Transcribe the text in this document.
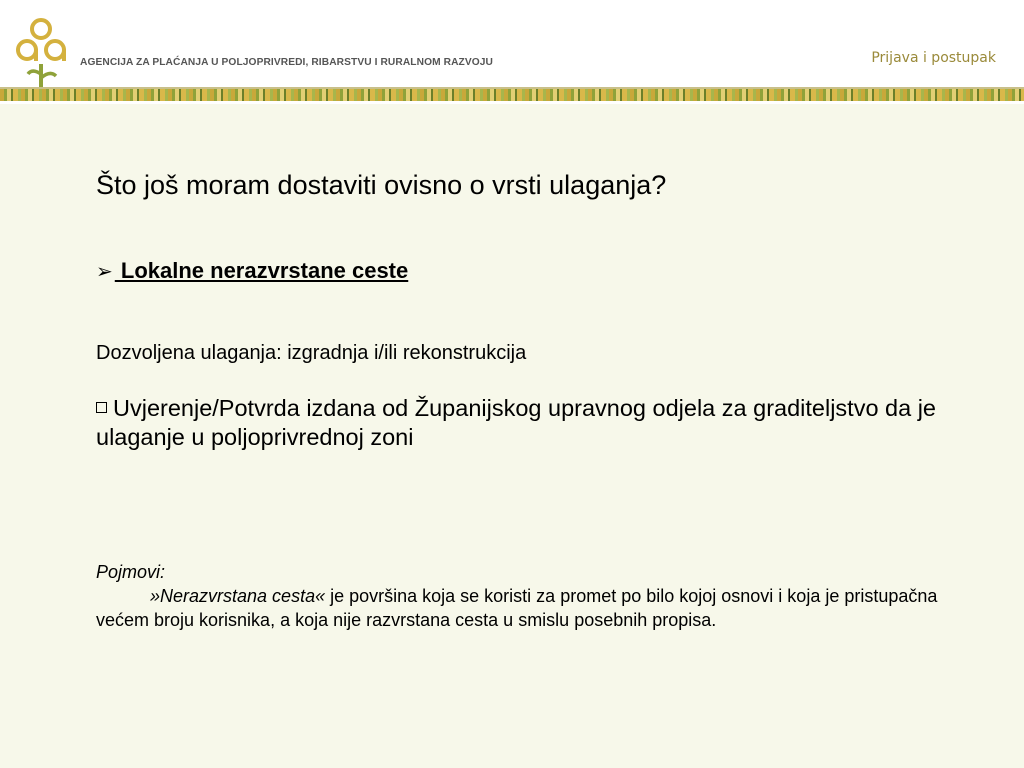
AGENCIJA ZA PLAĆANJA U POLJOPRIVREDI, RIBARSTVU I RURALNOM RAZVOJU	Prijava i postupak
Što još moram dostaviti ovisno o vrsti ulaganja?
➢ Lokalne nerazvrstane ceste
Dozvoljena ulaganja: izgradnja i/ili rekonstrukcija
Uvjerenje/Potvrda izdana od Županijskog upravnog odjela za graditeljstvo da je ulaganje u poljoprivrednoj zoni
Pojmovi:
»Nerazvrstana cesta« je površina koja se koristi za promet po bilo kojoj osnovi i koja je pristupačna većem broju korisnika, a koja nije razvrstana cesta u smislu posebnih propisa.
